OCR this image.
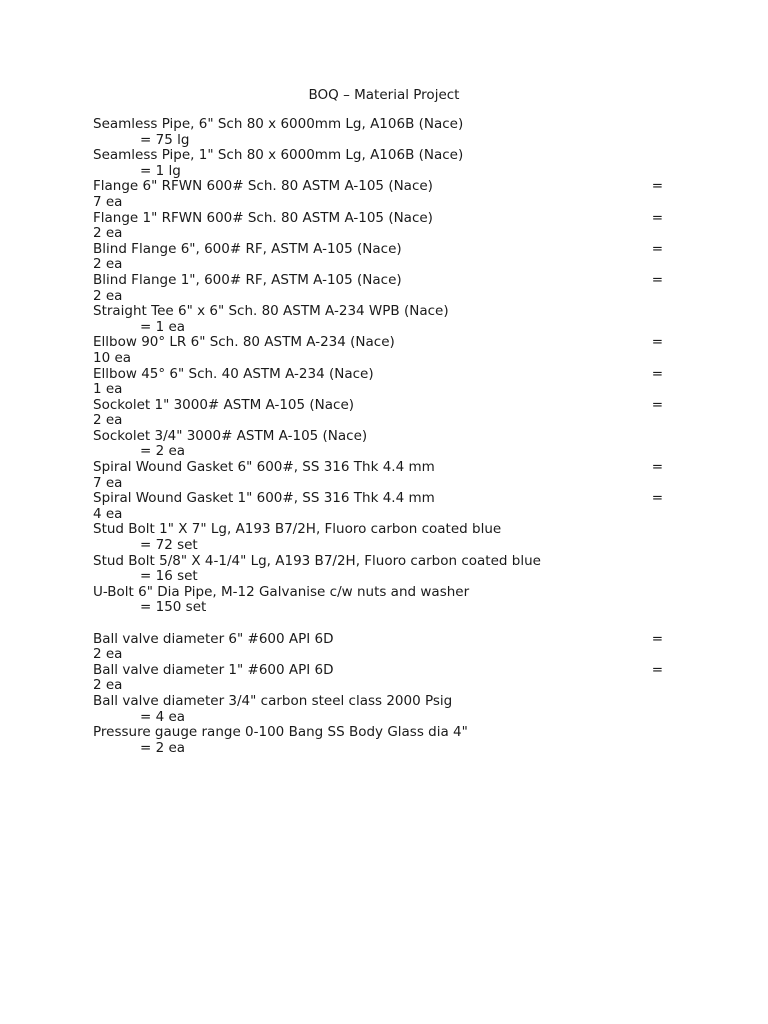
BOQ – Material Project
Seamless Pipe, 6" Sch 80 x 6000mm Lg, A106B (Nace)
= 75 lg
Seamless Pipe, 1" Sch 80 x 6000mm Lg, A106B (Nace)
= 1 lg
Flange 6" RFWN 600# Sch. 80 ASTM A-105 (Nace)	=
7 ea
Flange 1" RFWN 600# Sch. 80 ASTM A-105 (Nace)	=
2 ea
Blind Flange 6", 600# RF, ASTM A-105 (Nace)	=
2 ea
Blind Flange 1", 600# RF, ASTM A-105 (Nace)	=
2 ea
Straight Tee 6" x 6" Sch. 80 ASTM A-234 WPB (Nace)
= 1 ea
Ellbow 90° LR 6" Sch. 80 ASTM A-234 (Nace)	=
10 ea
Ellbow 45° 6" Sch. 40 ASTM A-234 (Nace)	=
1 ea
Sockolet 1" 3000# ASTM A-105 (Nace)	=
2 ea
Sockolet 3/4" 3000# ASTM A-105 (Nace)
= 2 ea
Spiral Wound Gasket 6" 600#, SS 316 Thk 4.4 mm	=
7 ea
Spiral Wound Gasket 1" 600#, SS 316 Thk 4.4 mm	=
4 ea
Stud Bolt 1" X 7" Lg, A193 B7/2H, Fluoro carbon coated blue
= 72 set
Stud Bolt 5/8" X 4-1/4" Lg, A193 B7/2H, Fluoro carbon coated blue
= 16 set
U-Bolt 6" Dia Pipe, M-12 Galvanise c/w nuts and washer
= 150 set
Ball valve diameter 6" #600 API 6D	=
2 ea
Ball valve diameter 1" #600 API 6D	=
2 ea
Ball valve diameter 3/4" carbon steel class 2000 Psig
= 4 ea
Pressure gauge range 0-100 Bang SS Body Glass dia 4"
= 2 ea
